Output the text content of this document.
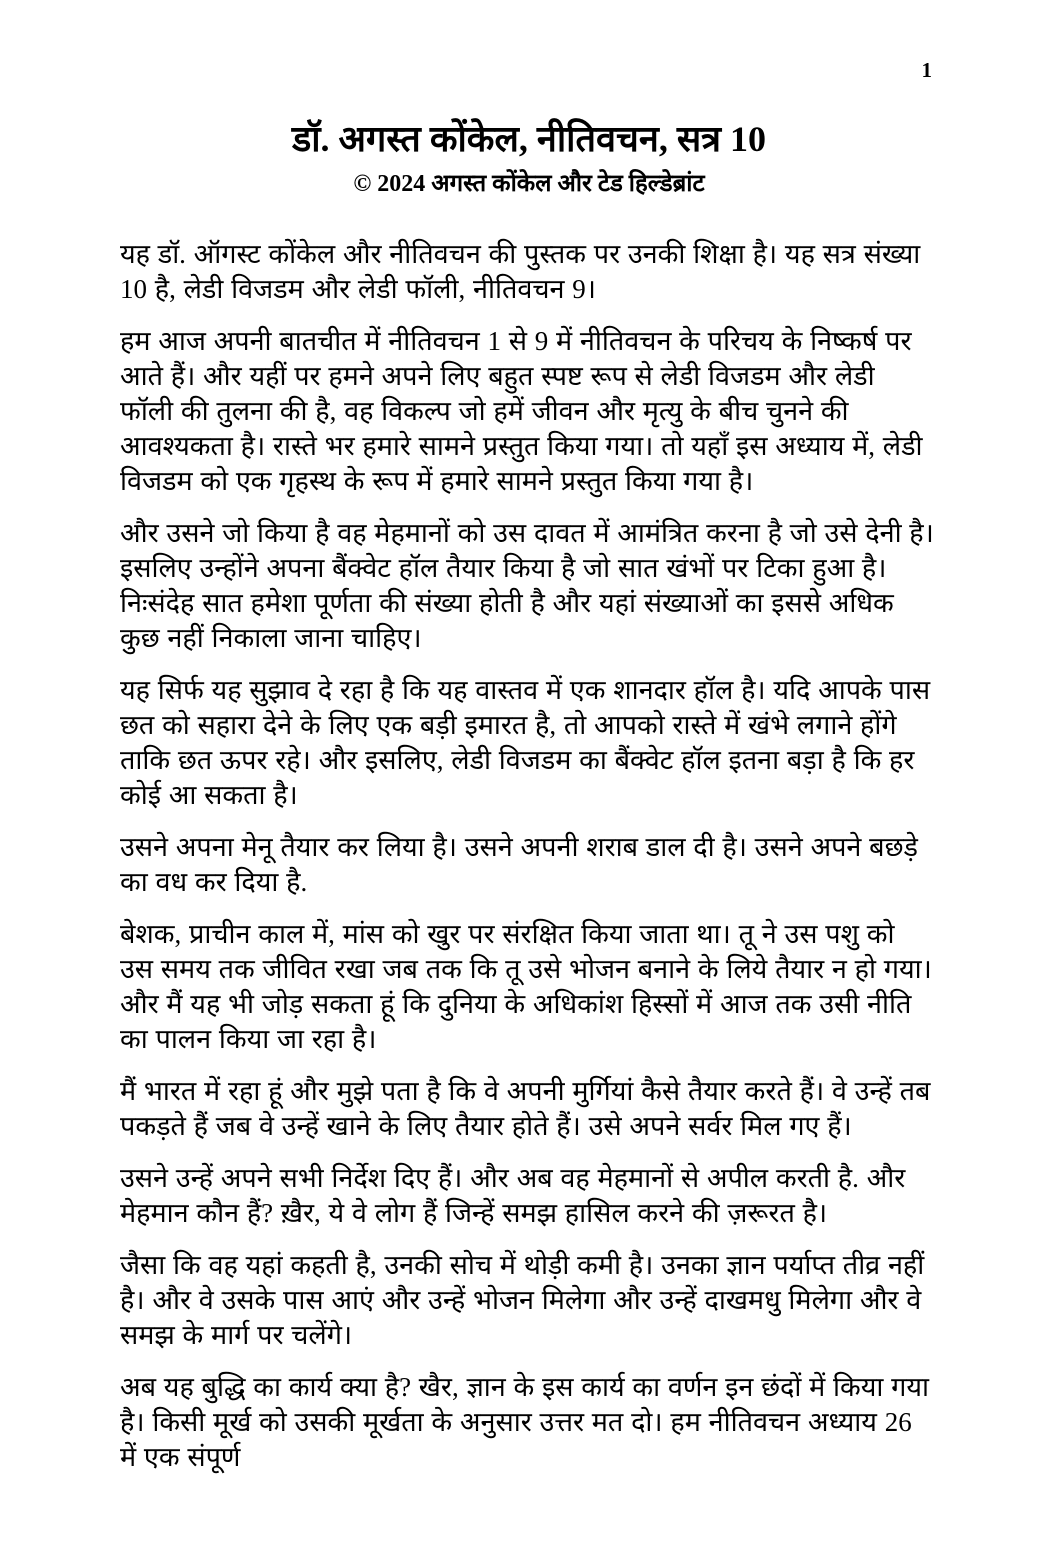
1
डॉ. अगस्त कोंकेल, नीतिवचन, सत्र 10
© 2024 अगस्त कोंकेल और टेड हिल्डेब्रांट

यह डॉ. ऑगस्ट कोंकेल और नीतिवचन की पुस्तक पर उनकी शिक्षा है। यह सत्र संख्या 10 है, लेडी विजडम और लेडी फॉली, नीतिवचन 9।

हम आज अपनी बातचीत में नीतिवचन 1 से 9 में नीतिवचन के परिचय के निष्कर्ष पर आते हैं। और यहीं पर हमने अपने लिए बहुत स्पष्ट रूप से लेडी विजडम और लेडी फॉली की तुलना की है, वह विकल्प जो हमें जीवन और मृत्यु के बीच चुनने की आवश्यकता है। रास्ते भर हमारे सामने प्रस्तुत किया गया। तो यहाँ इस अध्याय में, लेडी विजडम को एक गृहस्थ के रूप में हमारे सामने प्रस्तुत किया गया है।

और उसने जो किया है वह मेहमानों को उस दावत में आमंत्रित करना है जो उसे देनी है। इसलिए उन्होंने अपना बैंक्वेट हॉल तैयार किया है जो सात खंभों पर टिका हुआ है। निःसंदेह सात हमेशा पूर्णता की संख्या होती है और यहां संख्याओं का इससे अधिक कुछ नहीं निकाला जाना चाहिए।

यह सिर्फ यह सुझाव दे रहा है कि यह वास्तव में एक शानदार हॉल है। यदि आपके पास छत को सहारा देने के लिए एक बड़ी इमारत है, तो आपको रास्ते में खंभे लगाने होंगे ताकि छत ऊपर रहे। और इसलिए, लेडी विजडम का बैंक्वेट हॉल इतना बड़ा है कि हर कोई आ सकता है।

उसने अपना मेनू तैयार कर लिया है। उसने अपनी शराब डाल दी है। उसने अपने बछड़े का वध कर दिया है.

बेशक, प्राचीन काल में, मांस को खुर पर संरक्षित किया जाता था। तू ने उस पशु को उस समय तक जीवित रखा जब तक कि तू उसे भोजन बनाने के लिये तैयार न हो गया। और मैं यह भी जोड़ सकता हूं कि दुनिया के अधिकांश हिस्सों में आज तक उसी नीति का पालन किया जा रहा है।

मैं भारत में रहा हूं और मुझे पता है कि वे अपनी मुर्गियां कैसे तैयार करते हैं। वे उन्हें तब पकड़ते हैं जब वे उन्हें खाने के लिए तैयार होते हैं। उसे अपने सर्वर मिल गए हैं।

उसने उन्हें अपने सभी निर्देश दिए हैं। और अब वह मेहमानों से अपील करती है. और मेहमान कौन हैं? ख़ैर, ये वे लोग हैं जिन्हें समझ हासिल करने की ज़रूरत है।

जैसा कि वह यहां कहती है, उनकी सोच में थोड़ी कमी है। उनका ज्ञान पर्याप्त तीव्र नहीं है। और वे उसके पास आएं और उन्हें भोजन मिलेगा और उन्हें दाखमधु मिलेगा और वे समझ के मार्ग पर चलेंगे।

अब यह बुद्धि का कार्य क्या है? खैर, ज्ञान के इस कार्य का वर्णन इन छंदों में किया गया है। किसी मूर्ख को उसकी मूर्खता के अनुसार उत्तर मत दो। हम नीतिवचन अध्याय 26 में एक संपूर्ण
